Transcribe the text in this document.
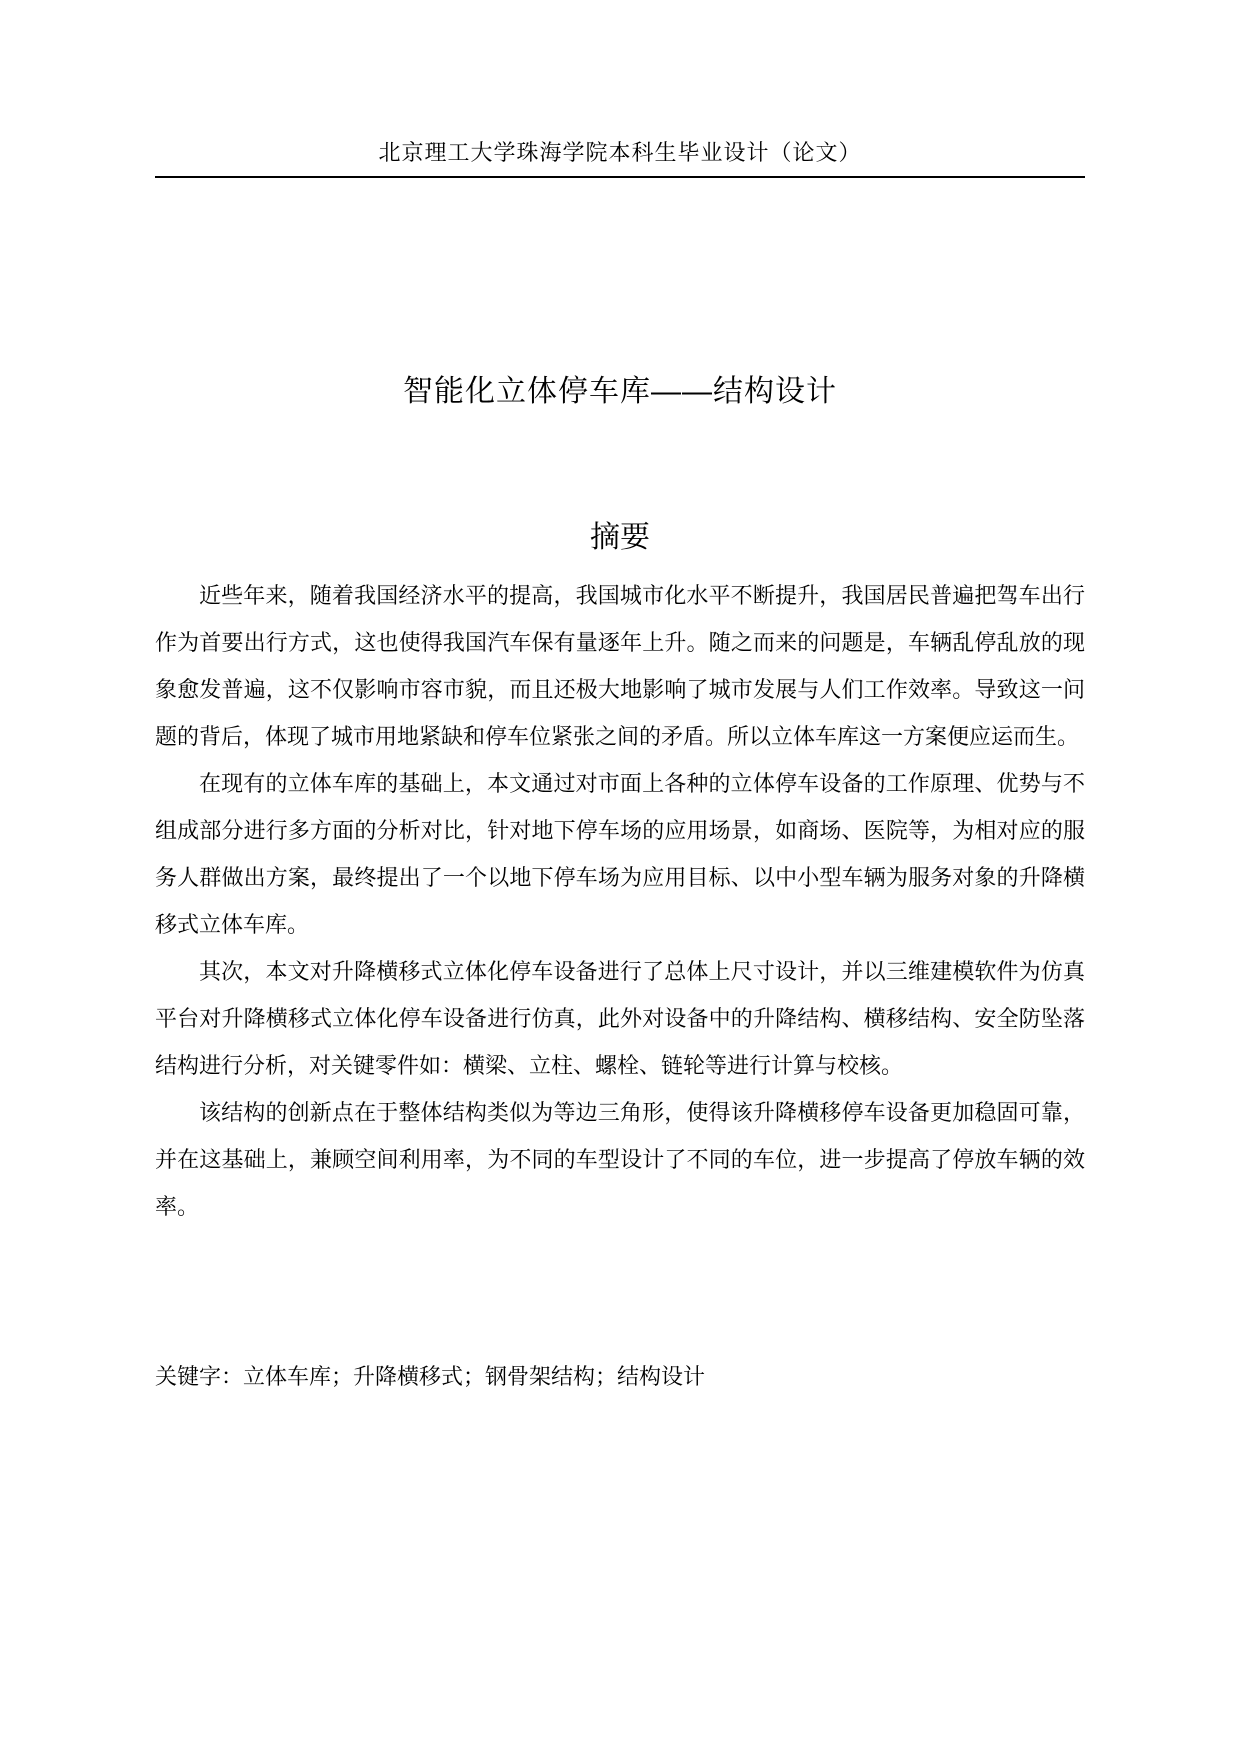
北京理工大学珠海学院本科生毕业设计（论文）
智能化立体停车库——结构设计
摘要

近些年来，随着我国经济水平的提高，我国城市化水平不断提升，我国居民普遍把驾车出行作为首要出行方式，这也使得我国汽车保有量逐年上升。随之而来的问题是，车辆乱停乱放的现象愈发普遍，这不仅影响市容市貌，而且还极大地影响了城市发展与人们工作效率。导致这一问题的背后，体现了城市用地紧缺和停车位紧张之间的矛盾。所以立体车库这一方案便应运而生。

在现有的立体车库的基础上，本文通过对市面上各种的立体停车设备的工作原理、优势与不组成部分进行多方面的分析对比，针对地下停车场的应用场景，如商场、医院等，为相对应的服务人群做出方案，最终提出了一个以地下停车场为应用目标、以中小型车辆为服务对象的升降横移式立体车库。

其次，本文对升降横移式立体化停车设备进行了总体上尺寸设计，并以三维建模软件为仿真平台对升降横移式立体化停车设备进行仿真，此外对设备中的升降结构、横移结构、安全防坠落结构进行分析，对关键零件如：横梁、立柱、螺栓、链轮等进行计算与校核。

该结构的创新点在于整体结构类似为等边三角形，使得该升降横移停车设备更加稳固可靠，并在这基础上，兼顾空间利用率，为不同的车型设计了不同的车位，进一步提高了停放车辆的效率。

关键字：立体车库；升降横移式；钢骨架结构；结构设计
